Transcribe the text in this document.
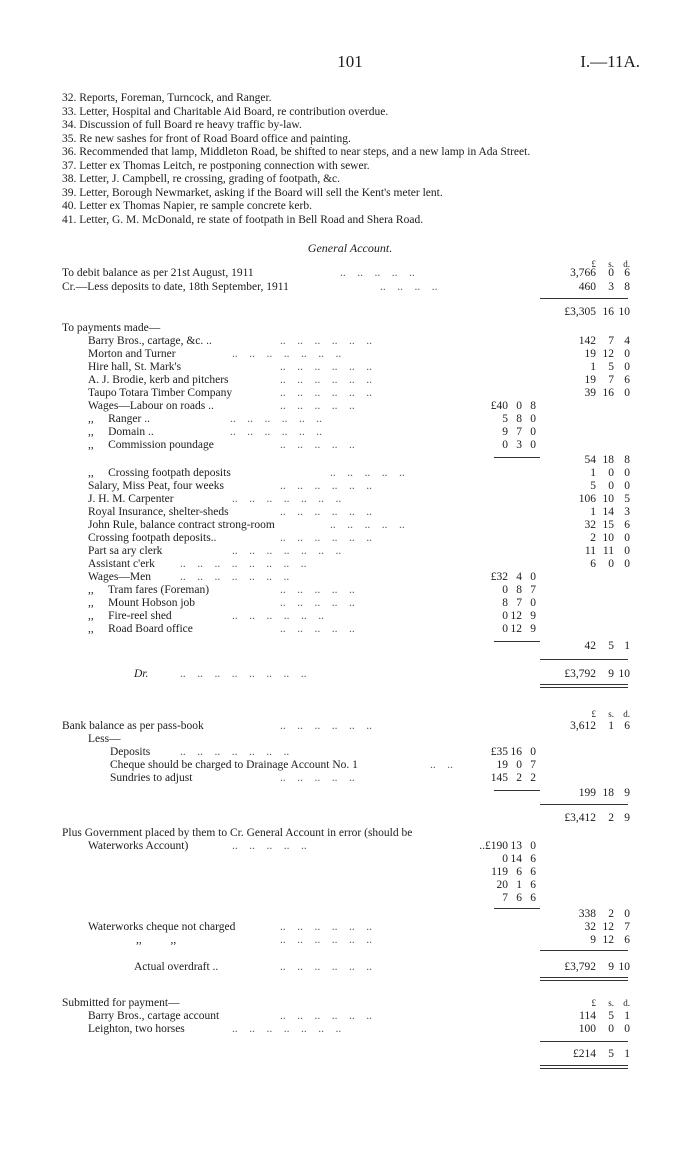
101	I.—11A.
32. Reports, Foreman, Turncock, and Ranger.
33. Letter, Hospital and Charitable Aid Board, re contribution overdue.
34. Discussion of full Board re heavy traffic by-law.
35. Re new sashes for front of Road Board office and painting.
36. Recommended that lamp, Middleton Road, be shifted to near steps, and a new lamp in Ada Street.
37. Letter ex Thomas Leitch, re postponing connection with sewer.
38. Letter, J. Campbell, re crossing, grading of footpath, &c.
39. Letter, Borough Newmarket, asking if the Board will sell the Kent's meter lent.
40. Letter ex Thomas Napier, re sample concrete kerb.
41. Letter, G. M. McDonald, re state of footpath in Bell Road and Shera Road.
General Account.
£ s. d.
To debit balance as per 21st August, 1911	..    ..    ..    ..    ..	3,766 0 6
Cr.—Less deposits to date, 18th September, 1911	..    ..    ..    ..	460 3 8
£3,305 16 10
To payments made—
Barry Bros., cartage, &c. ..	..    ..    ..    ..    ..    ..	142 7 4
Morton and Turner	..    ..    ..    ..    ..    ..    ..	19 12 0
Hire hall, St. Mark's	..    ..    ..    ..    ..    ..	1 5 0
A. J. Brodie, kerb and pitchers	..    ..    ..    ..    ..    ..	19 7 6
Taupo Totara Timber Company	..    ..    ..    ..    ..    ..	39 16 0
Wages—Labour on roads ..	..    ..    ..    ..    ..	£40 0 8
,,     Ranger ..	..    ..    ..    ..    ..    ..	5 8 0
,,     Domain ..	..    ..    ..    ..    ..    ..	9 7 0
,,     Commission poundage	..    ..    ..    ..    ..	0 3 0
54 18 8
,,     Crossing footpath deposits	..    ..    ..    ..    ..	1 0 0
Salary, Miss Peat, four weeks	..    ..    ..    ..    ..    ..	5 0 0
J. H. M. Carpenter	..    ..    ..    ..    ..    ..    ..	106 10 5
Royal Insurance, shelter-sheds	..    ..    ..    ..    ..    ..	1 14 3
John Rule, balance contract strong-room	..    ..    ..    ..    ..	32 15 6
Crossing footpath deposits..	..    ..    ..    ..    ..    ..	2 10 0
Part sa ary clerk	..    ..    ..    ..    ..    ..    ..	11 11 0
Assistant c'erk ..    ..    ..    ..    ..    ..    ..    ..	6 0 0
Wages—Men	..    ..    ..    ..    ..    ..    ..	£32 4 0
,,     Tram fares (Foreman)	..    ..    ..    ..    ..	0 8 7
,,     Mount Hobson job	..    ..    ..    ..    ..	8 7 0
,,     Fire-reel shed	..    ..    ..    ..    ..    ..	0 12 9
,,     Road Board office	..    ..    ..    ..    ..	0 12 9
42 5 1
Dr.	..    ..    ..    ..    ..    ..    ..    ..	£3,792 9 10
£ s. d.
Bank balance as per pass-book	..    ..    ..    ..    ..    ..	3,612 1 6
Less—
Deposits	..    ..    ..    ..    ..    ..    ..	£35 16 0
Cheque should be charged to Drainage Account No. 1	..    ..	19 0 7
Sundries to adjust	..    ..    ..    ..    ..	145 2 2
199 18 9
£3,412 2 9
Plus Government placed by them to Cr. General Account in error (should be
Waterworks Account)	..    ..    ..    ..    ..	..£190 13 0
0 14 6
119 6 6
20 1 6
7 6 6
338 2 0
Waterworks cheque not charged	..    ..    ..    ..    ..    ..	32 12 7
,,          ,,	..    ..    ..    ..    ..    ..	9 12 6
Actual overdraft ..	..    ..    ..    ..    ..    ..	£3,792 9 10
Submitted for payment—	£ s. d.
Barry Bros., cartage account	..    ..    ..    ..    ..    ..	114 5 1
Leighton, two horses	..    ..    ..    ..    ..    ..    ..	100 0 0
£214 5 1
